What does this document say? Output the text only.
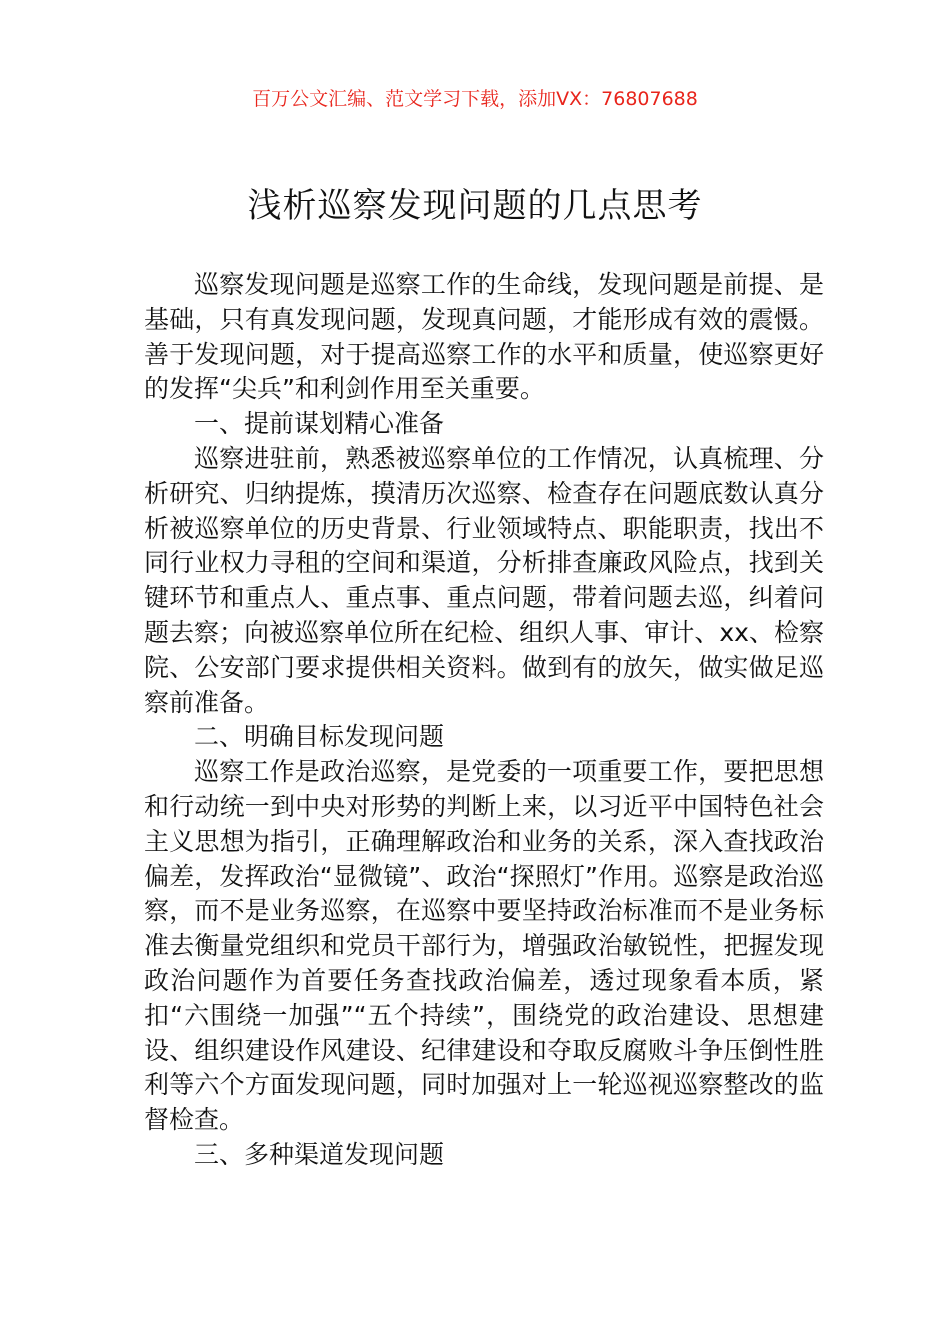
百万公文汇编、范文学习下载，添加VX：76807688
浅析巡察发现问题的几点思考

巡察发现问题是巡察工作的生命线，发现问题是前提、是基础，只有真发现问题，发现真问题，才能形成有效的震慑。善于发现问题，对于提高巡察工作的水平和质量，使巡察更好的发挥“尖兵”和利剑作用至关重要。

一、提前谋划精心准备

巡察进驻前，熟悉被巡察单位的工作情况，认真梳理、分析研究、归纳提炼，摸清历次巡察、检查存在问题底数认真分析被巡察单位的历史背景、行业领域特点、职能职责，找出不同行业权力寻租的空间和渠道，分析排查廉政风险点，找到关键环节和重点人、重点事、重点问题，带着问题去巡，纠着问题去察；向被巡察单位所在纪检、组织人事、审计、xx、检察院、公安部门要求提供相关资料。做到有的放矢，做实做足巡察前准备。

二、明确目标发现问题

巡察工作是政治巡察，是党委的一项重要工作，要把思想和行动统一到中央对形势的判断上来，以习近平中国特色社会主义思想为指引，正确理解政治和业务的关系，深入查找政治偏差，发挥政治“显微镜”、政治“探照灯”作用。巡察是政治巡察，而不是业务巡察，在巡察中要坚持政治标准而不是业务标准去衡量党组织和党员干部行为，增强政治敏锐性，把握发现政治问题作为首要任务查找政治偏差，透过现象看本质，紧扣“六围绕一加强”“五个持续”，围绕党的政治建设、思想建设、组织建设作风建设、纪律建设和夺取反腐败斗争压倒性胜利等六个方面发现问题，同时加强对上一轮巡视巡察整改的监督检查。

三、多种渠道发现问题
